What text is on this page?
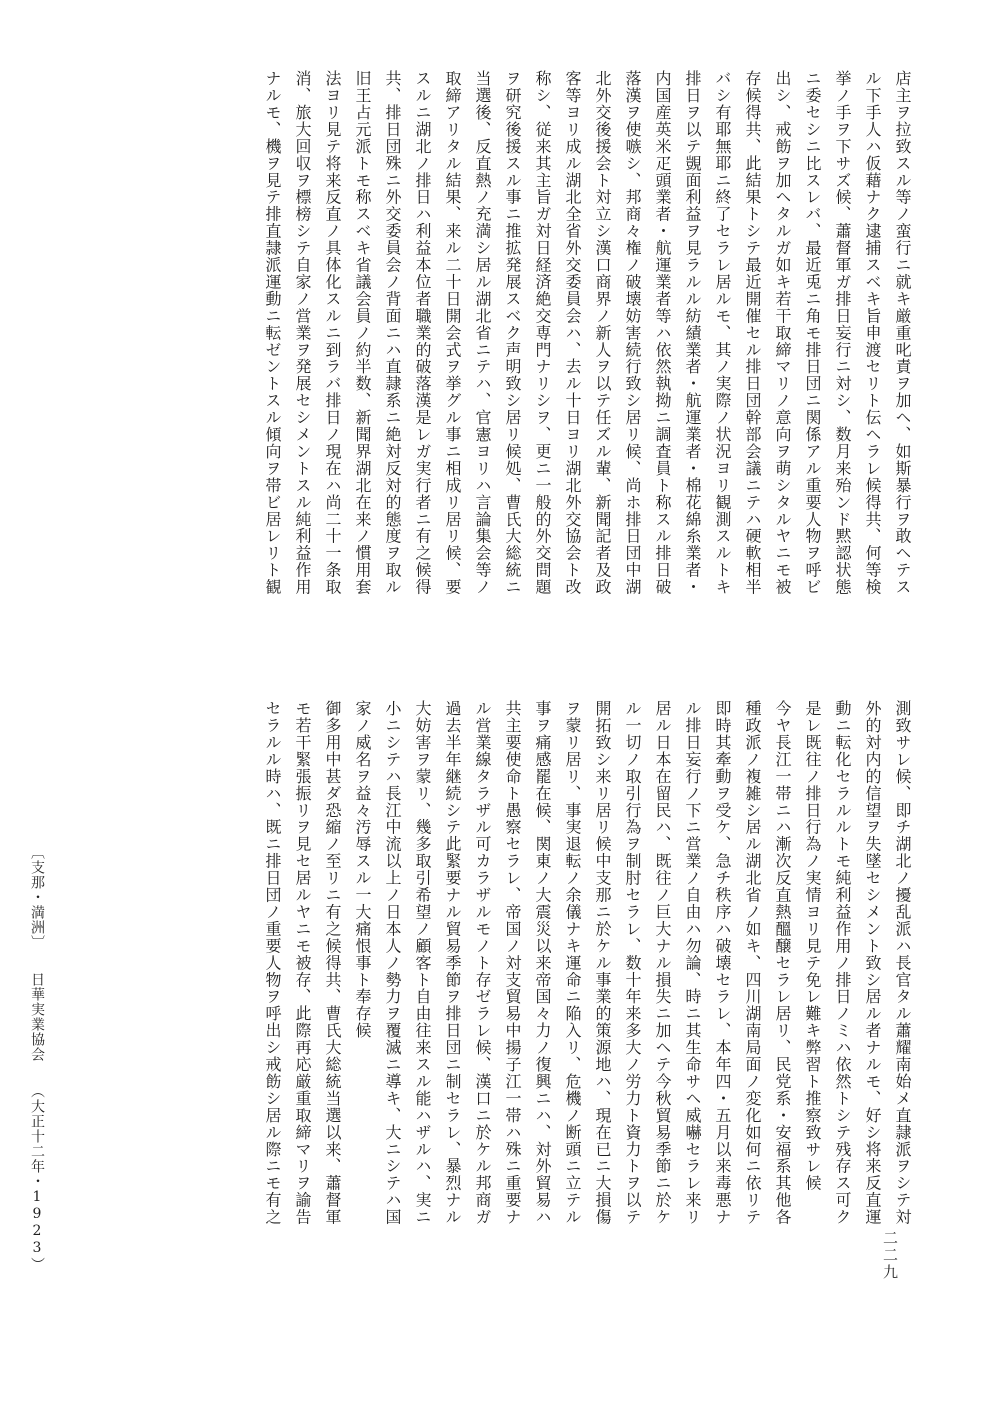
店主ヲ拉致スル等ノ蛮行ニ就キ厳重叱責ヲ加ヘ、如斯暴行ヲ敢ヘテス
ル下手人ハ仮藉ナク逮捕スベキ旨申渡セリト伝ヘラレ候得共、何等検
挙ノ手ヲ下サズ候、蕭督軍ガ排日妄行ニ対シ、数月来殆ンド黙認状態
ニ委セシニ比スレバ、最近兎ニ角モ排日団ニ関係アル重要人物ヲ呼ビ
出シ、戒飭ヲ加ヘタルガ如キ若干取締マリノ意向ヲ萌シタルヤニモ被
存候得共、此結果トシテ最近開催セル排日団幹部会議ニテハ硬軟相半
バシ有耶無耶ニ終了セラレ居ルモ、其ノ実際ノ状況ヨリ観測スルトキ
排日ヲ以テ覬面利益ヲ見ラルル紡績業者・航運業者・棉花綿糸業者・
内国産英米疋頭業者・航運業者等ハ依然執拗ニ調査員ト称スル排日破
落漢ヲ使嗾シ、邦商々権ノ破壊妨害続行致シ居リ候、尚ホ排日団中湖
北外交後援会ト対立シ漢口商界ノ新人ヲ以テ任ズル輩、新聞記者及政
客等ヨリ成ル湖北全省外交委員会ハ、去ル十日ヨリ湖北外交協会ト改
称シ、従来其主旨ガ対日経済絶交専門ナリシヲ、更ニ一般的外交問題
ヲ研究後援スル事ニ推拡発展スベク声明致シ居リ候処、曹氏大総統ニ
当選後、反直熱ノ充満シ居ル湖北省ニテハ、官憲ヨリハ言論集会等ノ
取締アリタル結果、来ル二十日開会式ヲ挙グル事ニ相成リ居リ候、要
スルニ湖北ノ排日ハ利益本位者職業的破落漢是レガ実行者ニ有之候得
共、排日団殊ニ外交委員会ノ背面ニハ直隷系ニ絶対反対的態度ヲ取ル
旧王占元派トモ称スベキ省議会員ノ約半数、新聞界湖北在来ノ慣用套
法ヨリ見テ将来反直ノ具体化スルニ到ラバ排日ノ現在ハ尚二十一条取
消、旅大回収ヲ標榜シテ自家ノ営業ヲ発展セシメントスル純利益作用
ナルモ、機ヲ見テ排直隷派運動ニ転ゼントスル傾向ヲ帯ビ居レリト観
測致サレ候、即チ湖北ノ擾乱派ハ長官タル蕭耀南始メ直隷派ヲシテ対
外的対内的信望ヲ失墜セシメント致シ居ル者ナルモ、好シ将来反直運
動ニ転化セラルルトモ純利益作用ノ排日ノミハ依然トシテ残存ス可ク
是レ既往ノ排日行為ノ実情ヨリ見テ免レ難キ弊習ト推察致サレ候
今ヤ長江一帯ニハ漸次反直熱醞醸セラレ居リ、民党系・安福系其他各
種政派ノ複雑シ居ル湖北省ノ如キ、四川湖南局面ノ変化如何ニ依リテ
即時其牽動ヲ受ケ、急チ秩序ハ破壊セラレ、本年四・五月以来毒悪ナ
ル排日妄行ノ下ニ営業ノ自由ハ勿論、時ニ其生命サヘ威嚇セラレ来リ
居ル日本在留民ハ、既往ノ巨大ナル損失ニ加ヘテ今秋貿易季節ニ於ケ
ル一切ノ取引行為ヲ制肘セラレ、数十年来多大ノ労力ト資力トヲ以テ
開拓致シ来リ居リ候中支那ニ於ケル事業的策源地ハ、現在已ニ大損傷
ヲ蒙リ居リ、事実退転ノ余儀ナキ運命ニ陥入リ、危機ノ断頭ニ立テル
事ヲ痛感罷在候、関東ノ大震災以来帝国々力ノ復興ニハ、対外貿易ハ
共主要使命ト愚察セラレ、帝国ノ対支貿易中揚子江一帯ハ殊ニ重要ナ
ル営業線タラザル可カラザルモノト存ゼラレ候、漢口ニ於ケル邦商ガ
過去半年継続シテ此緊要ナル貿易季節ヲ排日団ニ制セラレ、暴烈ナル
大妨害ヲ蒙リ、幾多取引希望ノ顧客ト自由往来スル能ハザルハ、実ニ
小ニシテハ長江中流以上ノ日本人ノ勢力ヲ覆滅ニ導キ、大ニシテハ国
家ノ威名ヲ益々汚辱スル一大痛恨事ト奉存候
御多用中甚ダ恐縮ノ至リニ有之候得共、曹氏大総統当選以来、蕭督軍
モ若干緊張振リヲ見セ居ルヤニモ被存、此際再応厳重取締マリヲ諭告
セラルル時ハ、既ニ排日団ノ重要人物ヲ呼出シ戒飭シ居ル際ニモ有之
〔支那・満洲〕日華実業協会（大正十二年・1923）	二二九
